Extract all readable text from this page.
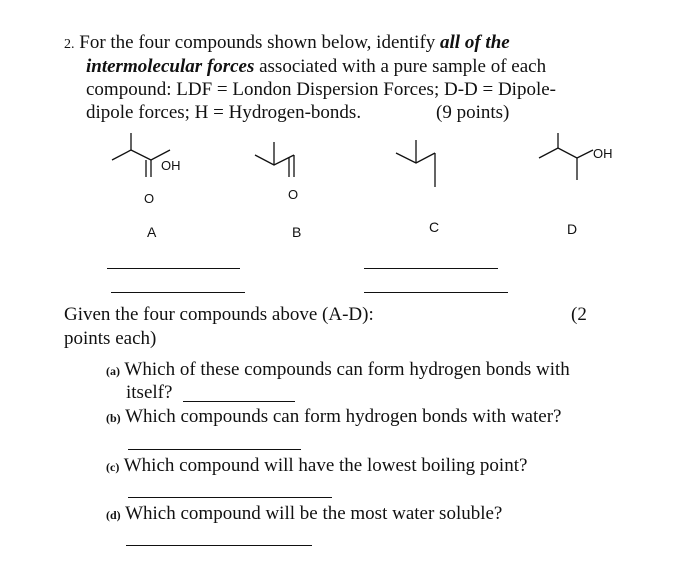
2. For the four compounds shown below, identify all of the
intermolecular forces associated with a pure sample of each
compound: LDF = London Dispersion Forces; D-D = Dipole-
dipole forces; H = Hydrogen-bonds.	(9 points)
OH
O	O
OH
A	B	C	D
Given the four compounds above (A-D):	(2
points each)
(a) Which of these compounds can form hydrogen bonds with
itself?
(b) Which compounds can form hydrogen bonds with water?
(c) Which compound will have the lowest boiling point?
(d) Which compound will be the most water soluble?
